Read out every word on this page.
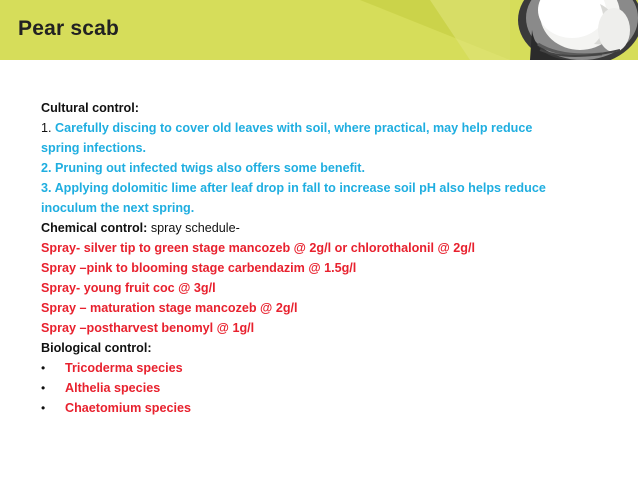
Pear scab
Cultural control:
1. Carefully discing to cover old leaves with soil, where practical, may help reduce
spring infections.
2. Pruning out infected twigs also offers some benefit.
3. Applying dolomitic lime after leaf drop in fall to increase soil pH also helps reduce
inoculum the next spring.
Chemical control: spray schedule-
Spray- silver tip to green stage mancozeb @ 2g/l or chlorothalonil @ 2g/l
Spray –pink to blooming stage carbendazim @ 1.5g/l
Spray- young fruit coc @ 3g/l
Spray – maturation stage mancozeb @ 2g/l
Spray –postharvest benomyl @ 1g/l
Biological control:
• Tricoderma species
• Althelia species
• Chaetomium species
